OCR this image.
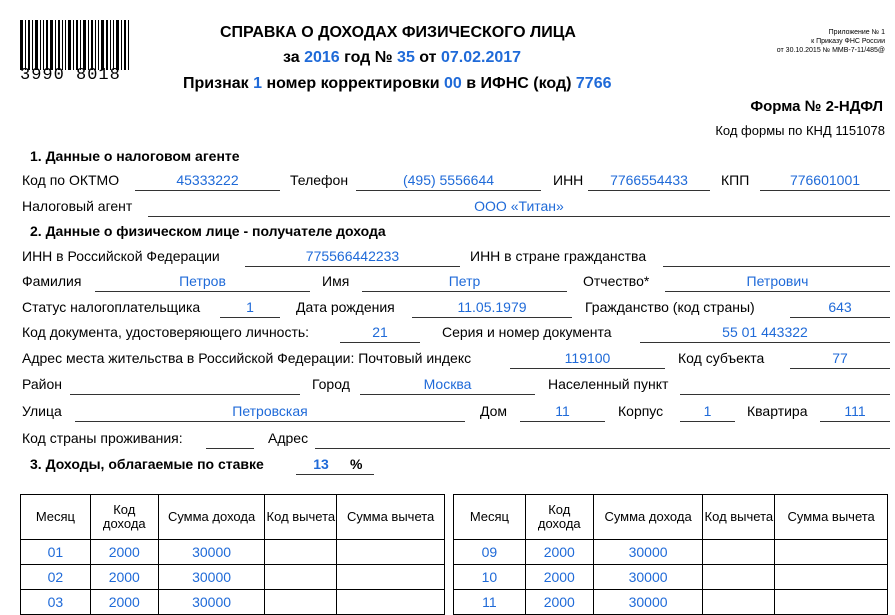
3990 8018
СПРАВКА О ДОХОДАХ ФИЗИЧЕСКОГО ЛИЦА
за 2016 год № 35 от 07.02.2017
Признак 1 номер корректировки 00 в ИФНС (код) 7766
Приложение № 1
к Приказу ФНС России
от 30.10.2015 № ММВ-7-11/485@
Форма № 2-НДФЛ
Код формы по КНД 1151078
1. Данные о налоговом агенте
Код по ОКТМО	45333222	Телефон	(495) 5556644	ИНН	7766554433	КПП	776601001
Налоговый агент	ООО «Титан»
2. Данные о физическом лице - получателе дохода
ИНН в Российской Федерации	775566442233	ИНН в стране гражданства
Фамилия	Петров	Имя	Петр	Отчество*	Петрович
Статус налогоплательщика	1	Дата рождения	11.05.1979	Гражданство (код страны)	643
Код документа, удостоверяющего личность:	21	Серия и номер документа	55 01 443322
Адрес места жительства в Российской Федерации: Почтовый индекс	119100	Код субъекта	77
Район	Город	Москва	Населенный пункт
Улица	Петровская	Дом	11	Корпус	1	Квартира	111
Код страны проживания:	Адрес
3. Доходы, облагаемые по ставке	13	%
Месяц	Код дохода	Сумма дохода	Код вычета	Сумма вычета
01	2000	30000		
02	2000	30000		
03	2000	30000		
Месяц	Код дохода	Сумма дохода	Код вычета	Сумма вычета
09	2000	30000		
10	2000	30000		
11	2000	30000		
